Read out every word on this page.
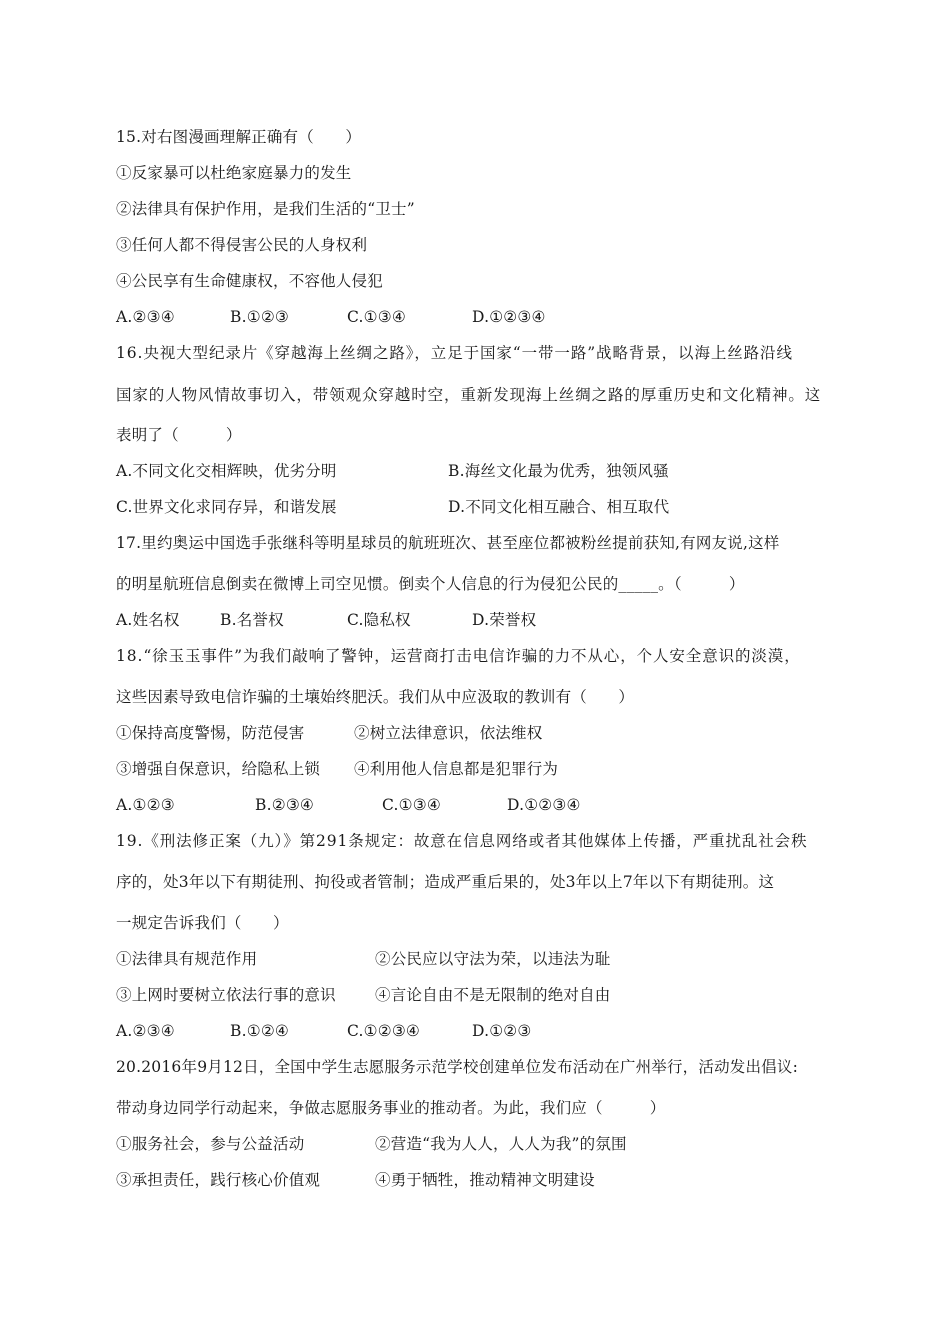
15.对右图漫画理解正确有（　　）
①反家暴可以杜绝家庭暴力的发生
②法律具有保护作用，是我们生活的“卫士”
③任何人都不得侵害公民的人身权利
④公民享有生命健康权，不容他人侵犯
A.②③④	B.①②③	C.①③④	D.①②③④
16.央视大型纪录片《穿越海上丝绸之路》，立足于国家“一带一路”战略背景，以海上丝路沿线
国家的人物风情故事切入，带领观众穿越时空，重新发现海上丝绸之路的厚重历史和文化精神。这
表明了（　　　）
A.不同文化交相辉映，优劣分明	B.海丝文化最为优秀，独领风骚
C.世界文化求同存异，和谐发展	D.不同文化相互融合、相互取代
17.里约奥运中国选手张继科等明星球员的航班班次、甚至座位都被粉丝提前获知,有网友说,这样
的明星航班信息倒卖在微博上司空见惯。倒卖个人信息的行为侵犯公民的_____。（　　　）
A.姓名权	B.名誉权	C.隐私权	D.荣誉权
18.“徐玉玉事件”为我们敲响了警钟，运营商打击电信诈骗的力不从心，个人安全意识的淡漠，
这些因素导致电信诈骗的土壤始终肥沃。我们从中应汲取的教训有（　　）
①保持高度警惕，防范侵害	②树立法律意识，依法维权
③增强自保意识，给隐私上锁 ④利用他人信息都是犯罪行为
A.①②③	B.②③④	C.①③④	D.①②③④
19.《刑法修正案（九）》第291条规定：故意在信息网络或者其他媒体上传播，严重扰乱社会秩
序的，处3年以下有期徒刑、拘役或者管制；造成严重后果的，处3年以上7年以下有期徒刑。这
一规定告诉我们（　　）
①法律具有规范作用	②公民应以守法为荣，以违法为耻
③上网时要树立依法行事的意识	④言论自由不是无限制的绝对自由
A.②③④	B.①②④	C.①②③④	D.①②③
20.2016年9月12日，全国中学生志愿服务示范学校创建单位发布活动在广州举行，活动发出倡议:
带动身边同学行动起来，争做志愿服务事业的推动者。为此，我们应（　　　）
①服务社会，参与公益活动	②营造“我为人人，人人为我”的氛围
③承担责任，践行核心价值观	④勇于牺牲，推动精神文明建设
